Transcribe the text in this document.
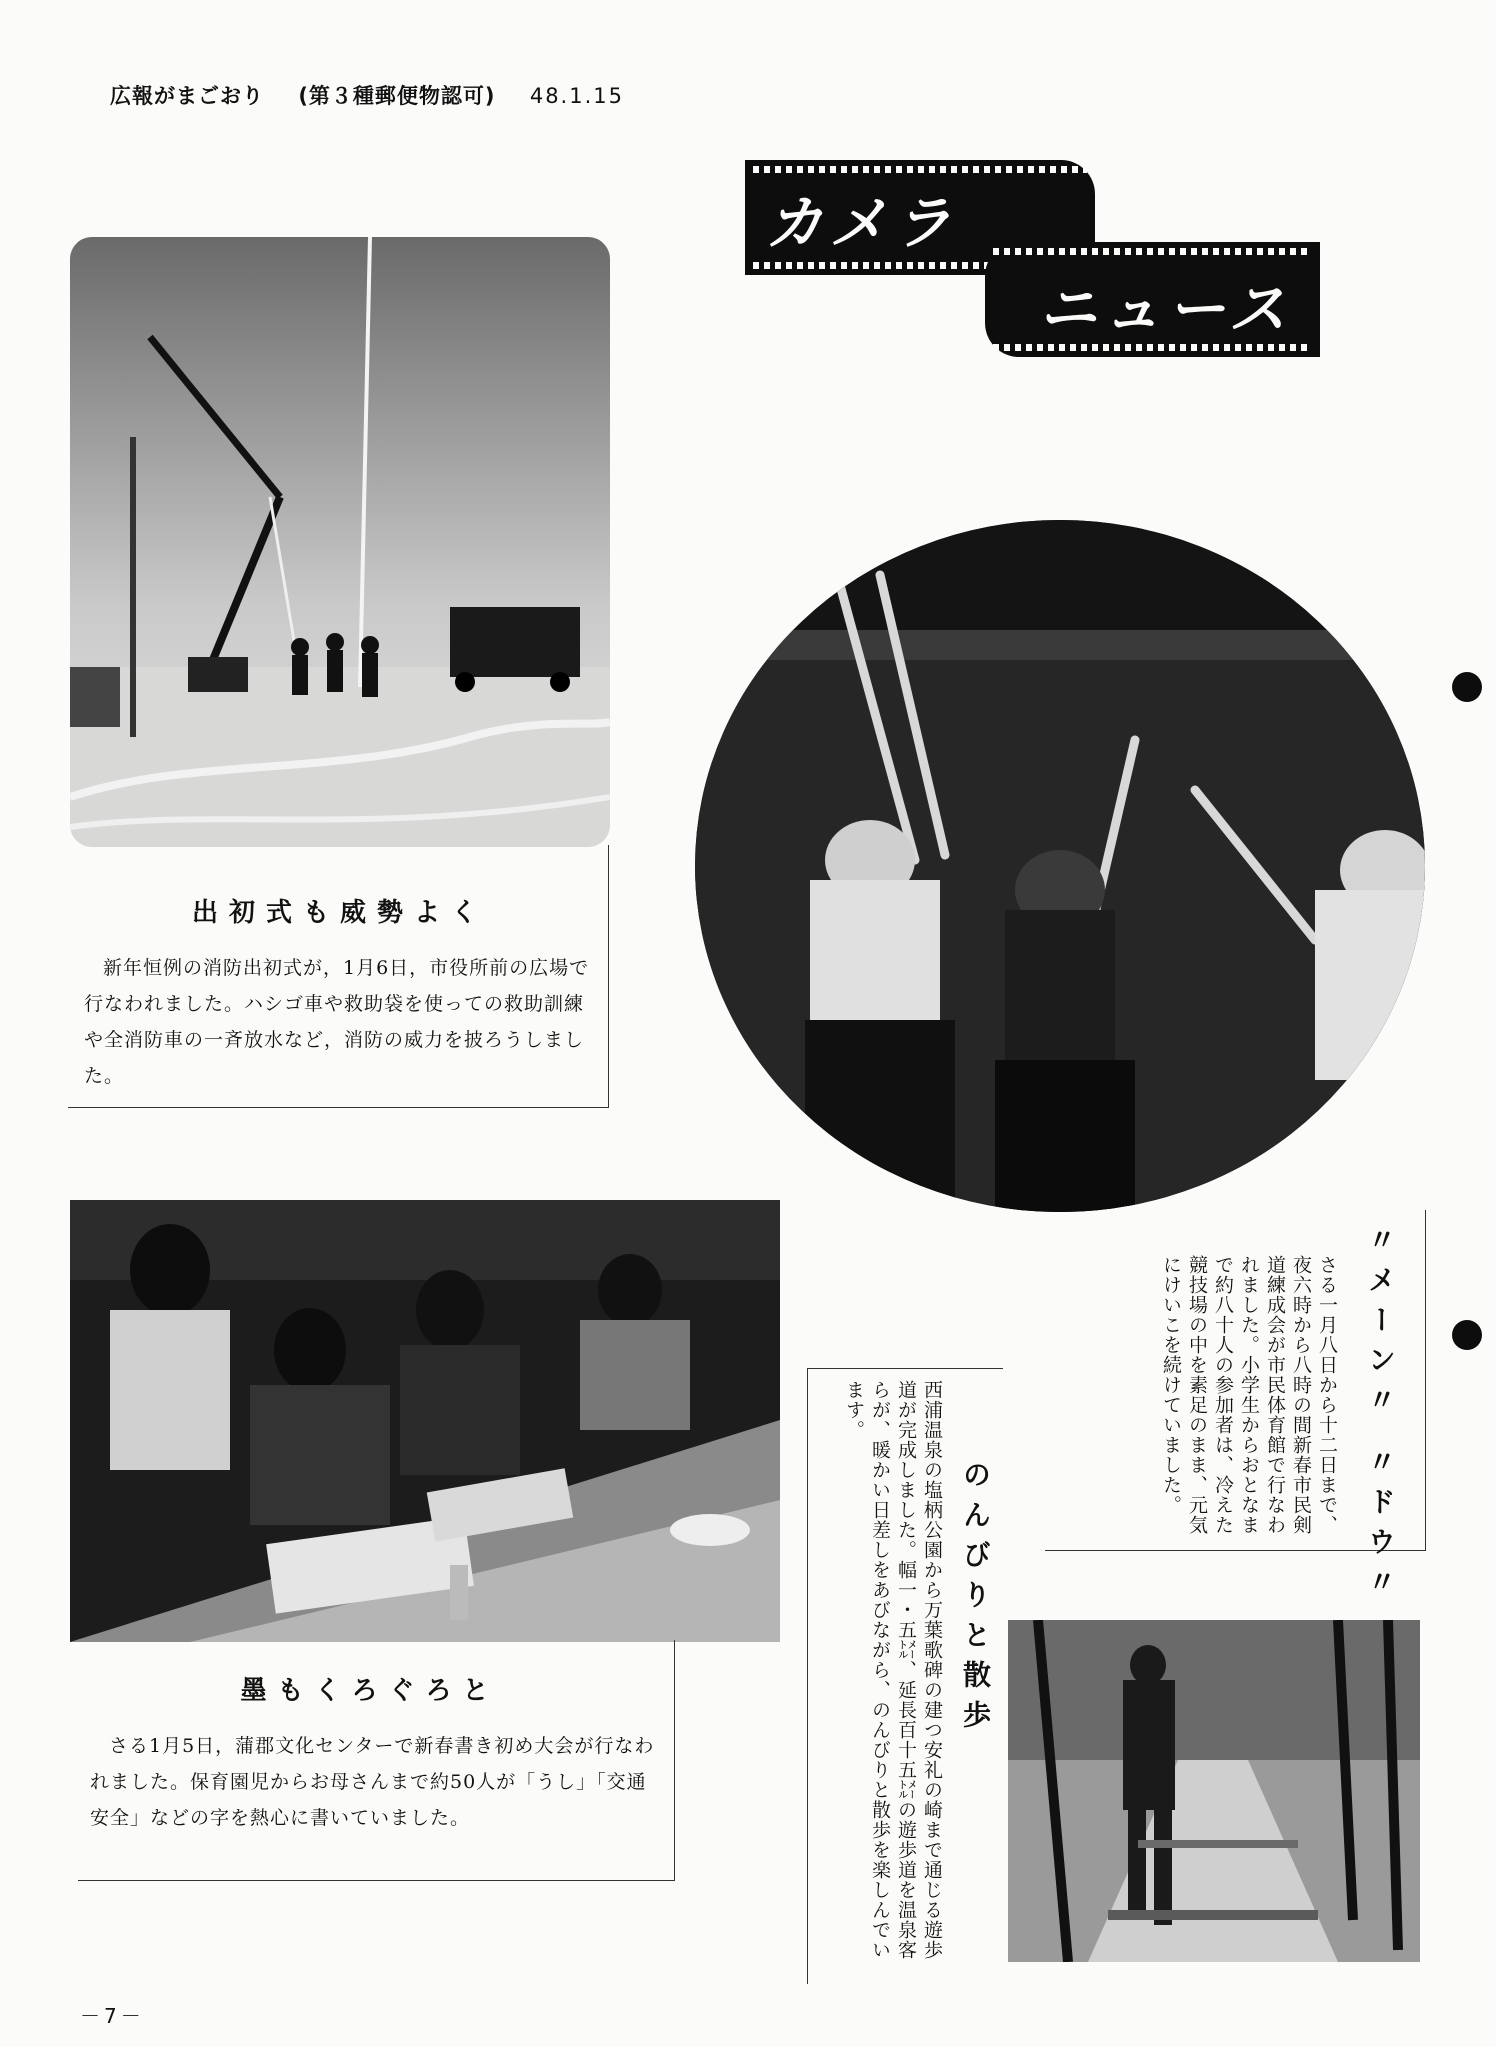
広報がまごおり (第３種郵便物認可) 48.1.15
カメラ
ニュース
出初式も威勢よく
新年恒例の消防出初式が，1月6日，市役所前の広場で行なわれました。ハシゴ車や救助袋を使っての救助訓練や全消防車の一斉放水など，消防の威力を披ろうしました。
〃メーン〃 〃ドウ〃
さる一月八日から十二日まで、夜六時から八時の間新春市民剣道練成会が市民体育館で行なわれました。小学生からおとなまで約八十人の参加者は、冷えた競技場の中を素足のまま、元気にけいこを続けていました。
墨もくろぐろと
さる1月5日，蒲郡文化センターで新春書き初め大会が行なわれました。保育園児からお母さんまで約50人が「うし」「交通安全」などの字を熱心に書いていました。
のんびりと散歩
西浦温泉の塩柄公園から万葉歌碑の建つ安礼の崎まで通じる遊歩道が完成しました。幅一・五㍍、延長百十五㍍の遊歩道を温泉客らが、暖かい日差しをあびながら、のんびりと散歩を楽しんでいます。
－7－
